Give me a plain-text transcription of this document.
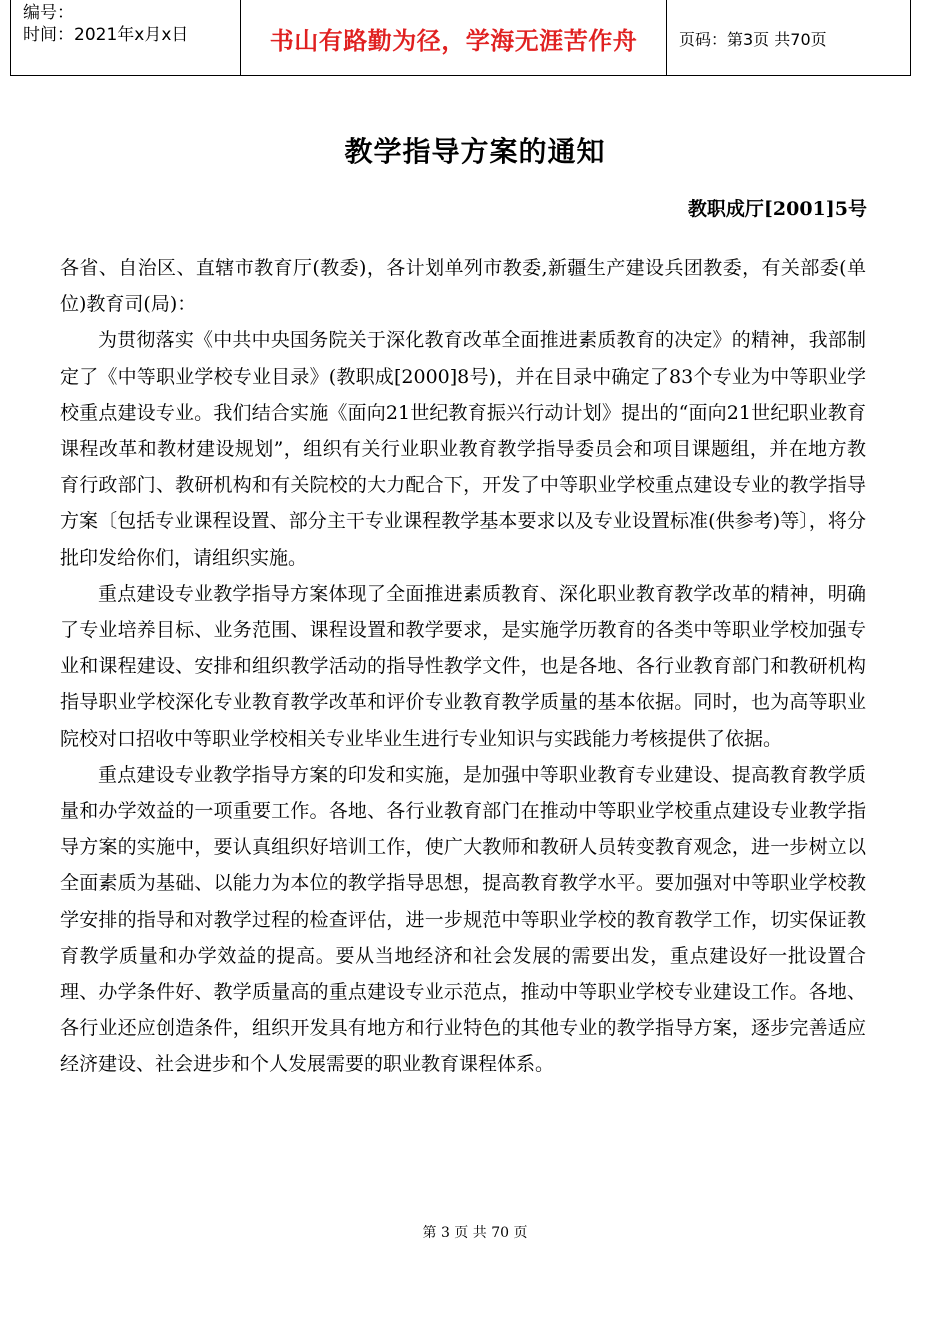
编号：
时间：2021年x月x日	书山有路勤为径，学海无涯苦作舟	页码：第3页 共70页
教学指导方案的通知
教职成厅[2001]5号

各省、自治区、直辖市教育厅(教委)，各计划单列市教委,新疆生产建设兵团教委，有关部委(单位)教育司(局)：

为贯彻落实《中共中央国务院关于深化教育改革全面推进素质教育的决定》的精神，我部制定了《中等职业学校专业目录》(教职成[2000]8号)，并在目录中确定了83个专业为中等职业学校重点建设专业。我们结合实施《面向21世纪教育振兴行动计划》提出的“面向21世纪职业教育课程改革和教材建设规划”，组织有关行业职业教育教学指导委员会和项目课题组，并在地方教育行政部门、教研机构和有关院校的大力配合下，开发了中等职业学校重点建设专业的教学指导方案〔包括专业课程设置、部分主干专业课程教学基本要求以及专业设置标准(供参考)等〕，将分批印发给你们，请组织实施。

重点建设专业教学指导方案体现了全面推进素质教育、深化职业教育教学改革的精神，明确了专业培养目标、业务范围、课程设置和教学要求，是实施学历教育的各类中等职业学校加强专业和课程建设、安排和组织教学活动的指导性教学文件，也是各地、各行业教育部门和教研机构指导职业学校深化专业教育教学改革和评价专业教育教学质量的基本依据。同时，也为高等职业院校对口招收中等职业学校相关专业毕业生进行专业知识与实践能力考核提供了依据。

重点建设专业教学指导方案的印发和实施，是加强中等职业教育专业建设、提高教育教学质量和办学效益的一项重要工作。各地、各行业教育部门在推动中等职业学校重点建设专业教学指导方案的实施中，要认真组织好培训工作，使广大教师和教研人员转变教育观念，进一步树立以全面素质为基础、以能力为本位的教学指导思想，提高教育教学水平。要加强对中等职业学校教学安排的指导和对教学过程的检查评估，进一步规范中等职业学校的教育教学工作，切实保证教育教学质量和办学效益的提高。要从当地经济和社会发展的需要出发，重点建设好一批设置合理、办学条件好、教学质量高的重点建设专业示范点，推动中等职业学校专业建设工作。各地、各行业还应创造条件，组织开发具有地方和行业特色的其他专业的教学指导方案，逐步完善适应经济建设、社会进步和个人发展需要的职业教育课程体系。

第 3 页 共 70 页
